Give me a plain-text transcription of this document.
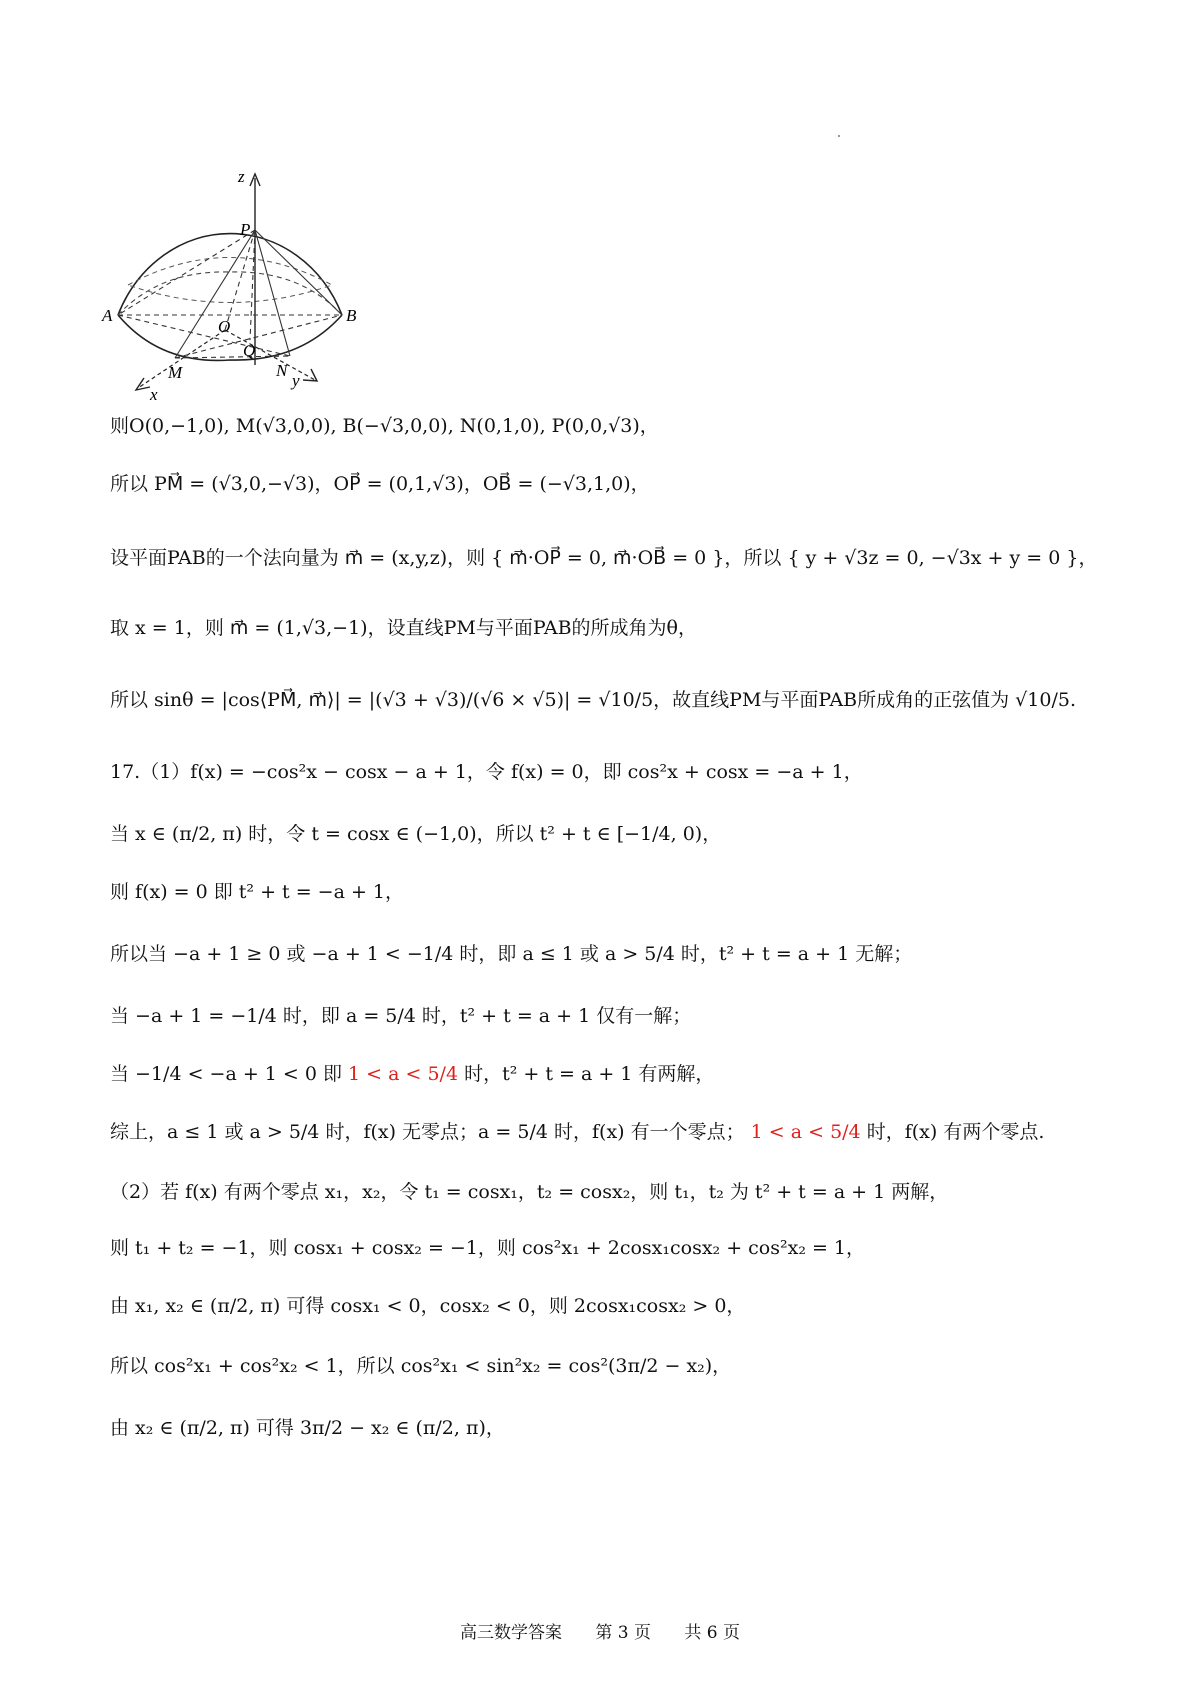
z
P
A	B
O
Q
M	N
x
y
则O(0,−1,0), M(√3,0,0), B(−√3,0,0), N(0,1,0), P(0,0,√3)，
所以 PM⃗ = (√3,0,−√3)，OP⃗ = (0,1,√3)，OB⃗ = (−√3,1,0)，
设平面PAB的一个法向量为 m⃗ = (x,y,z)，则 { m⃗·OP⃗ = 0, m⃗·OB⃗ = 0 }，所以 { y + √3z = 0, −√3x + y = 0 }，
取 x = 1，则 m⃗ = (1,√3,−1)，设直线PM与平面PAB的所成角为θ，
所以 sinθ = |cos⟨PM⃗, m⃗⟩| = |(√3 + √3)/(√6 × √5)| = √10/5，故直线PM与平面PAB所成角的正弦值为 √10/5.
17.（1）f(x) = −cos²x − cosx − a + 1，令 f(x) = 0，即 cos²x + cosx = −a + 1，
当 x ∈ (π/2, π) 时，令 t = cosx ∈ (−1,0)，所以 t² + t ∈ [−1/4, 0)，
则 f(x) = 0 即 t² + t = −a + 1，
所以当 −a + 1 ≥ 0 或 −a + 1 < −1/4 时，即 a ≤ 1 或 a > 5/4 时，t² + t = a + 1 无解；
当 −a + 1 = −1/4 时，即 a = 5/4 时，t² + t = a + 1 仅有一解；
当 −1/4 < −a + 1 < 0 即 1 < a < 5/4 时，t² + t = a + 1 有两解，
综上，a ≤ 1 或 a > 5/4 时，f(x) 无零点；a = 5/4 时，f(x) 有一个零点； 1 < a < 5/4 时，f(x) 有两个零点.
（2）若 f(x) 有两个零点 x₁，x₂，令 t₁ = cosx₁，t₂ = cosx₂，则 t₁，t₂ 为 t² + t = a + 1 两解，
则 t₁ + t₂ = −1，则 cosx₁ + cosx₂ = −1，则 cos²x₁ + 2cosx₁cosx₂ + cos²x₂ = 1，
由 x₁, x₂ ∈ (π/2, π) 可得 cosx₁ < 0，cosx₂ < 0，则 2cosx₁cosx₂ > 0，
所以 cos²x₁ + cos²x₂ < 1，所以 cos²x₁ < sin²x₂ = cos²(3π/2 − x₂)，
由 x₂ ∈ (π/2, π) 可得 3π/2 − x₂ ∈ (π/2, π)，
高三数学答案 第 3 页 共 6 页
